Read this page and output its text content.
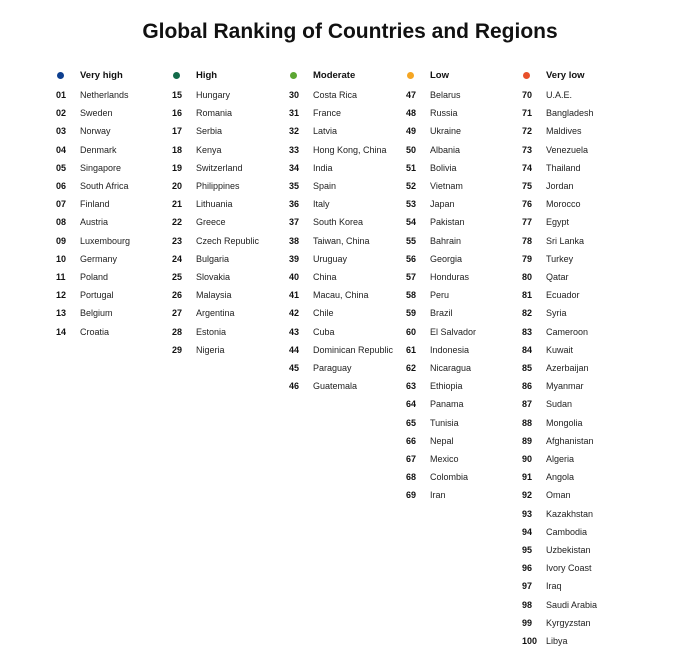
Global Ranking of Countries and Regions
Very high
01	Netherlands
02	Sweden
03	Norway
04	Denmark
05	Singapore
06	South Africa
07	Finland
08	Austria
09	Luxembourg
10	Germany
11	Poland
12	Portugal
13	Belgium
14	Croatia
High
15	Hungary
16	Romania
17	Serbia
18	Kenya
19	Switzerland
20	Philippines
21	Lithuania
22	Greece
23	Czech Republic
24	Bulgaria
25	Slovakia
26	Malaysia
27	Argentina
28	Estonia
29	Nigeria
Moderate
30	Costa Rica
31	France
32	Latvia
33	Hong Kong, China
34	India
35	Spain
36	Italy
37	South Korea
38	Taiwan, China
39	Uruguay
40	China
41	Macau, China
42	Chile
43	Cuba
44	Dominican Republic
45	Paraguay
46	Guatemala
Low
47	Belarus
48	Russia
49	Ukraine
50	Albania
51	Bolivia
52	Vietnam
53	Japan
54	Pakistan
55	Bahrain
56	Georgia
57	Honduras
58	Peru
59	Brazil
60	El Salvador
61	Indonesia
62	Nicaragua
63	Ethiopia
64	Panama
65	Tunisia
66	Nepal
67	Mexico
68	Colombia
69	Iran
Very low
70	U.A.E.
71	Bangladesh
72	Maldives
73	Venezuela
74	Thailand
75	Jordan
76	Morocco
77	Egypt
78	Sri Lanka
79	Turkey
80	Qatar
81	Ecuador
82	Syria
83	Cameroon
84	Kuwait
85	Azerbaijan
86	Myanmar
87	Sudan
88	Mongolia
89	Afghanistan
90	Algeria
91	Angola
92	Oman
93	Kazakhstan
94	Cambodia
95	Uzbekistan
96	Ivory Coast
97	Iraq
98	Saudi Arabia
99	Kyrgyzstan
100 Libya
